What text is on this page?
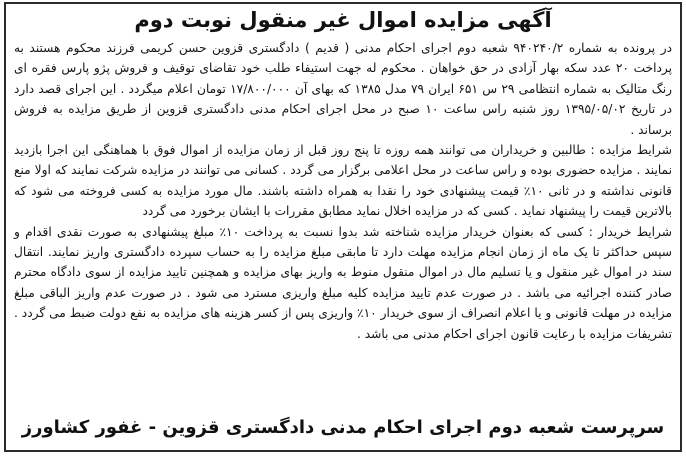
آگهی مزایده اموال غیر منقول نوبت دوم

در پرونده به شماره ۹۴۰۲۴۰/۲ شعبه دوم اجرای احکام مدنی ( قدیم ) دادگستری قزوین حسن کریمی فرزند محکوم هستند به پرداخت ۲۰ عدد سکه بهار آزادی در حق خواهان . محکوم له جهت استیفاء طلب خود تقاضای توقیف و فروش پژو پارس فقره ای رنگ متالیک به شماره انتظامی ۲۹ س ۶۵۱ ایران ۷۹ مدل ۱۳۸۵ که بهای آن ۱۷/۸۰۰/۰۰۰ تومان اعلام میگردد . این اجرای قصد دارد در تاریخ ۱۳۹۵/۰۵/۰۲ روز شنبه راس ساعت ۱۰ صبح در محل اجرای احکام مدنی دادگستری قزوین از طریق مزایده به فروش برساند .

شرایط مزایده : طالبین و خریداران می توانند همه روزه تا پنج روز قبل از زمان مزایده از اموال فوق با هماهنگی این اجرا بازدید نمایند . مزایده حضوری بوده و راس ساعت در محل اعلامی برگزار می گردد . کسانی می توانند در مزایده شرکت نمایند که اولا منع قانونی نداشته و در ثانی ۱۰٪ قیمت پیشنهادی خود را نقدا به همراه داشته باشند. مال مورد مزایده به کسی فروخته می شود که بالاترین قیمت را پیشنهاد نماید . کسی که در مزایده اخلال نماید مطابق مقررات با ایشان برخورد می گردد

شرایط خریدار : کسی که بعنوان خریدار مزایده شناخته شد بدوا نسبت به پرداخت ۱۰٪ مبلغ پیشنهادی به صورت نقدی اقدام و سپس حداکثر تا یک ماه از زمان انجام مزایده مهلت دارد تا مابقی مبلغ مزایده را به حساب سپرده دادگستری واریز نمایند. انتقال سند در اموال غیر منقول و یا تسلیم مال در اموال منقول منوط به واریز بهای مزایده و همچنین تایید مزایده از سوی دادگاه محترم صادر کننده اجرائیه می باشد . در صورت عدم تایید مزایده کلیه مبلغ واریزی مسترد می شود . در صورت عدم واریز الباقی مبلغ مزایده در مهلت قانونی و یا اعلام انصراف از سوی خریدار ۱۰٪ واریزی پس از کسر هزینه های مزایده به نفع دولت ضبط می گردد . تشریفات مزایده با رعایت قانون اجرای احکام مدنی می باشد .

سرپرست شعبه دوم اجرای احکام مدنی دادگستری قزوین - غفور کشاورز
